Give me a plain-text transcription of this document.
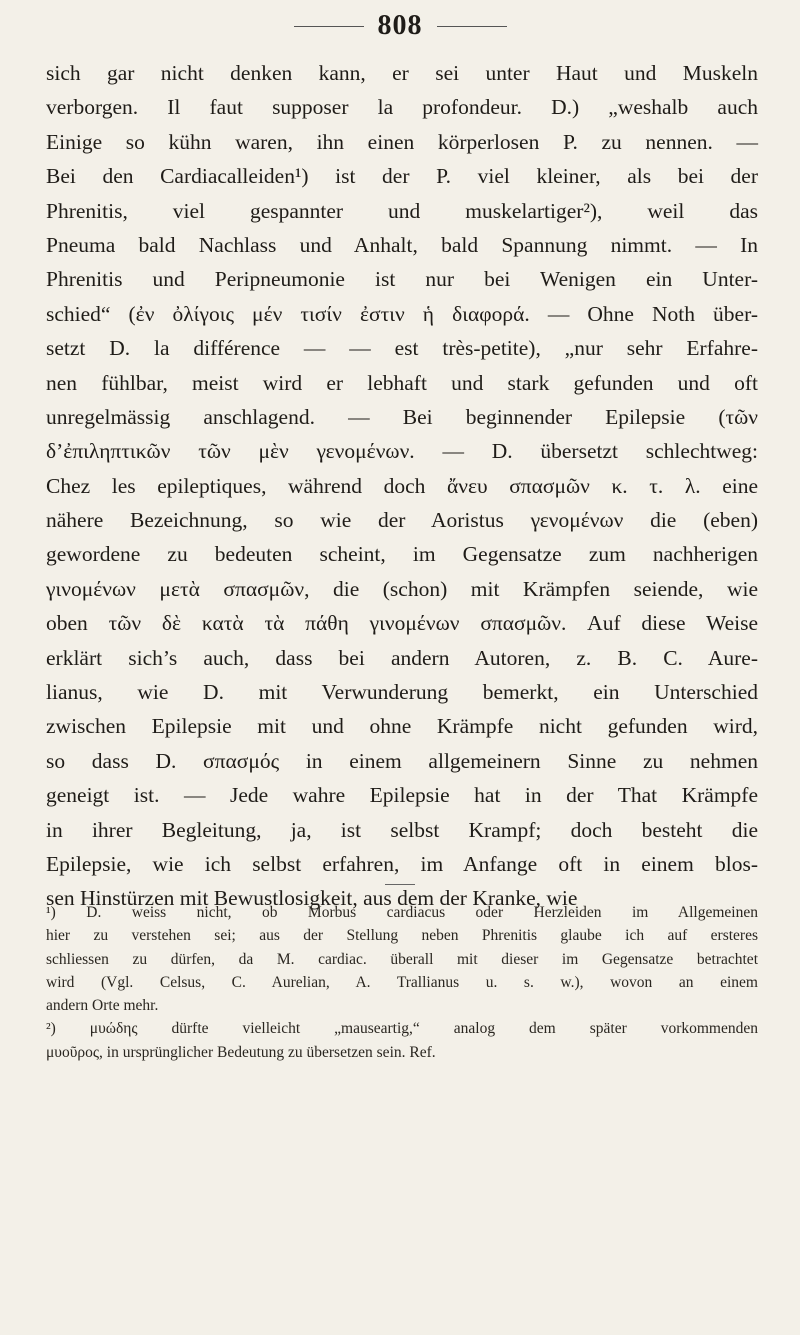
808
sich gar nicht denken kann, er sei unter Haut und Muskeln
verborgen. Il faut supposer la profondeur. D.) „weshalb auch
Einige so kühn waren, ihn einen körperlosen P. zu nennen. —
Bei den Cardiacalleiden¹) ist der P. viel kleiner, als bei der
Phrenitis, viel gespannter und muskelartiger²), weil das
Pneuma bald Nachlass und Anhalt, bald Spannung nimmt. — In
Phrenitis und Peripneumonie ist nur bei Wenigen ein Unter-
schied“ (ἐν ὀλίγοις μέν τισίν ἐστιν ἡ διαφορά. — Ohne Noth über-
setzt D. la différence — — est très-petite), „nur sehr Erfahre-
nen fühlbar, meist wird er lebhaft und stark gefunden und oft
unregelmässig anschlagend. — Bei beginnender Epilepsie (τῶν
δ’ἐπιληπτικῶν τῶν μὲν γενομένων. — D. übersetzt schlechtweg:
Chez les epileptiques, während doch ἄνευ σπασμῶν κ. τ. λ. eine
nähere Bezeichnung, so wie der Aoristus γενομένων die (eben)
gewordene zu bedeuten scheint, im Gegensatze zum nachherigen
γινομένων μετὰ σπασμῶν, die (schon) mit Krämpfen seiende, wie
oben τῶν δὲ κατὰ τὰ πάθη γινομένων σπασμῶν. Auf diese Weise
erklärt sich’s auch, dass bei andern Autoren, z. B. C. Aure-
lianus, wie D. mit Verwunderung bemerkt, ein Unterschied
zwischen Epilepsie mit und ohne Krämpfe nicht gefunden wird,
so dass D. σπασμός in einem allgemeinern Sinne zu nehmen
geneigt ist. — Jede wahre Epilepsie hat in der That Krämpfe
in ihrer Begleitung, ja, ist selbst Krampf; doch besteht die
Epilepsie, wie ich selbst erfahren, im Anfange oft in einem blos-
sen Hinstürzen mit Bewustlosigkeit, aus dem der Kranke, wie
¹) D. weiss nicht, ob Morbus cardiacus oder Herzleiden im Allgemeinen
hier zu verstehen sei; aus der Stellung neben Phrenitis glaube ich auf ersteres
schliessen zu dürfen, da M. cardiac. überall mit dieser im Gegensatze betrachtet
wird (Vgl. Celsus, C. Aurelian, A. Trallianus u. s. w.), wovon an einem
andern Orte mehr.
²) μυώδης dürfte vielleicht „mauseartig,“ analog dem später vorkommenden
μυοῦρος, in ursprünglicher Bedeutung zu übersetzen sein. Ref.
